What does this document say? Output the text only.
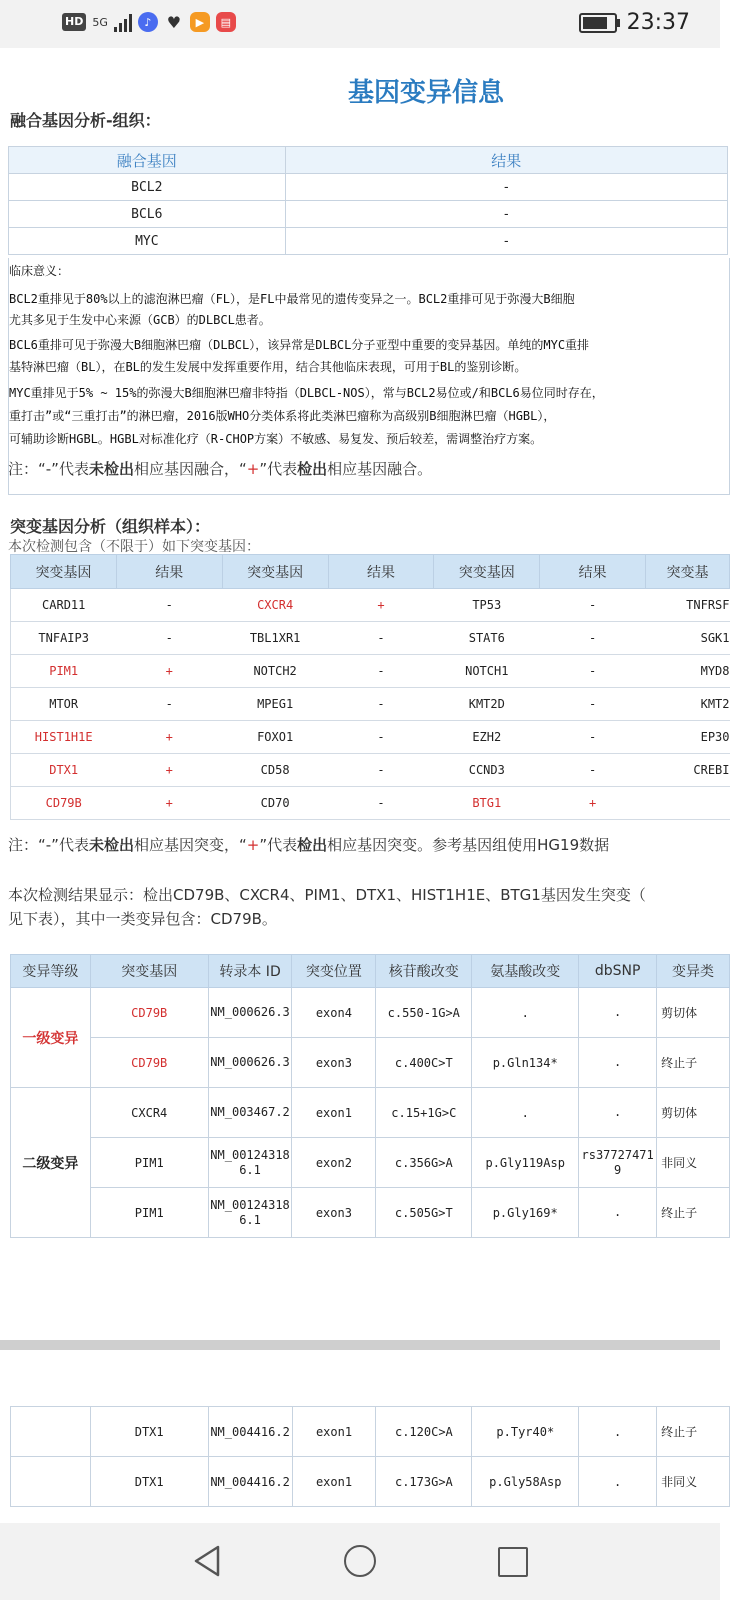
HD 5G	♪ ♥	▶	▤	23:37
基因变异信息
融合基因分析-组织：
融合基因	结果
BCL2	-
BCL6	-
MYC	-
临床意义：
BCL2重排见于80%以上的滤泡淋巴瘤（FL），是FL中最常见的遗传变异之一。BCL2重排可见于弥漫大B细胞
尤其多见于生发中心来源（GCB）的DLBCL患者。
BCL6重排可见于弥漫大B细胞淋巴瘤（DLBCL），该异常是DLBCL分子亚型中重要的变异基因。单纯的MYC重排
基特淋巴瘤（BL），在BL的发生发展中发挥重要作用，结合其他临床表现，可用于BL的鉴别诊断。
MYC重排见于5% ~ 15%的弥漫大B细胞淋巴瘤非特指（DLBCL-NOS），常与BCL2易位或/和BCL6易位同时存在，
重打击”或“三重打击”的淋巴瘤，2016版WHO分类体系将此类淋巴瘤称为高级别B细胞淋巴瘤（HGBL），
可辅助诊断HGBL。HGBL对标准化疗（R-CHOP方案）不敏感、易复发、预后较差，需调整治疗方案。
注：“-”代表未检出相应基因融合，“+”代表检出相应基因融合。
突变基因分析（组织样本）：
本次检测包含（不限于）如下突变基因：
突变基因	结果	突变基因	结果	突变基因	结果	突变基
CARD11	-	CXCR4	+	TP53	-	TNFRSF
TNFAIP3	-	TBL1XR1	-	STAT6	-	SGK1
PIM1	+	NOTCH2	-	NOTCH1	-	MYD8
MTOR	-	MPEG1	-	KMT2D	-	KMT2
HIST1H1E	+	FOXO1	-	EZH2	-	EP30
DTX1	+	CD58	-	CCND3	-	CREBI
CD79B	+	CD70	-	BTG1	+	
注：“-”代表未检出相应基因突变，“+”代表检出相应基因突变。参考基因组使用HG19数据
本次检测结果显示：检出CD79B、CXCR4、PIM1、DTX1、HIST1H1E、BTG1基因发生突变（
见下表），其中一类变异包含：CD79B。
变异等级	突变基因	转录本 ID	突变位置	核苷酸改变	氨基酸改变	dbSNP	变异类
一级变异	CD79B	NM_000626.3	exon4	c.550-1G>A	.	.	剪切体
	CD79B	NM_000626.3	exon3	c.400C>T	p.Gln134*	.	终止子
二级变异	CXCR4	NM_003467.2	exon1	c.15+1G>C	.	.	剪切体
	PIM1	NM_001243186.1	exon2	c.356G>A	p.Gly119Asp	rs377274719	非同义
	PIM1	NM_001243186.1	exon3	c.505G>T	p.Gly169*	.	终止子
	DTX1	NM_004416.2	exon1	c.120C>A	p.Tyr40*	.	终止子
	DTX1	NM_004416.2	exon1	c.173G>A	p.Gly58Asp	.	非同义
